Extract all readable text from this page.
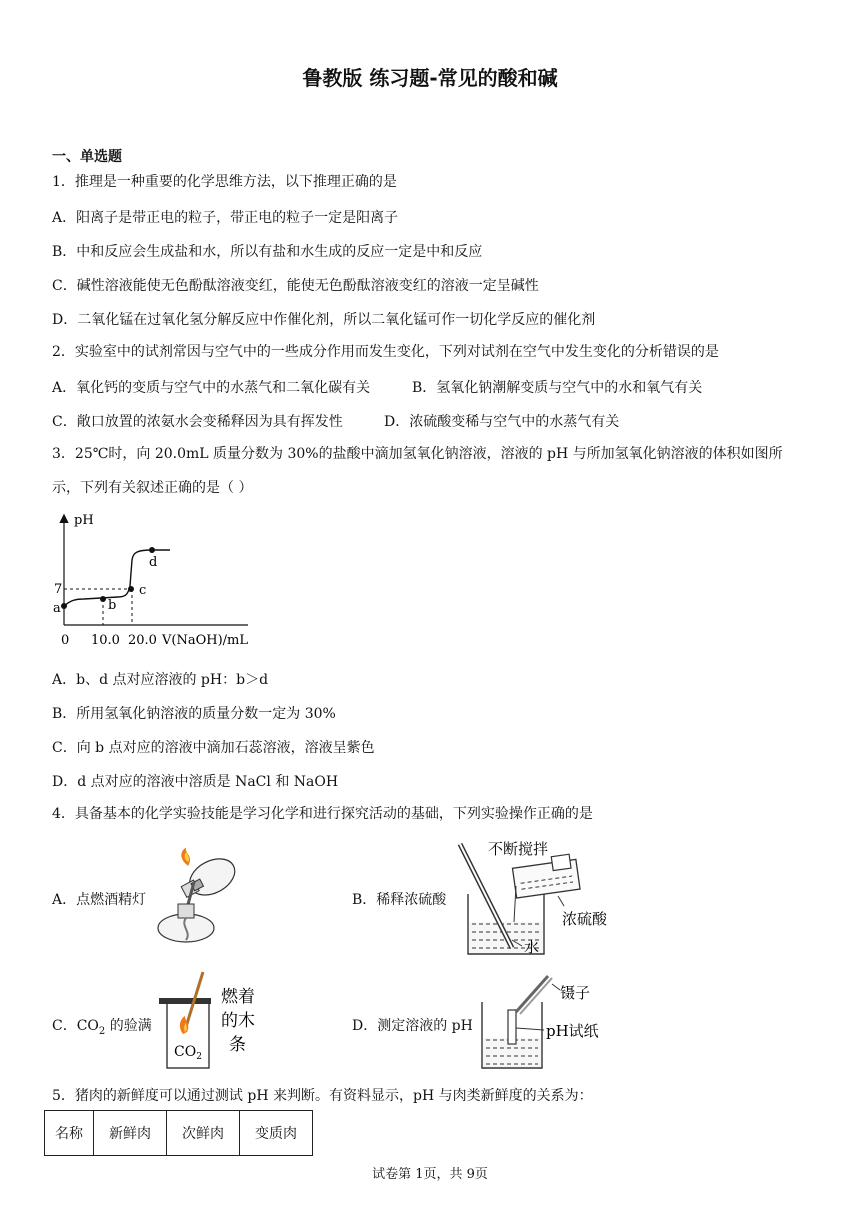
鲁教版 练习题-常见的酸和碱
一、单选题
1．推理是一种重要的化学思维方法，以下推理正确的是
A．阳离子是带正电的粒子，带正电的粒子一定是阳离子
B．中和反应会生成盐和水，所以有盐和水生成的反应一定是中和反应
C．碱性溶液能使无色酚酞溶液变红，能使无色酚酞溶液变红的溶液一定呈碱性
D．二氧化锰在过氧化氢分解反应中作催化剂，所以二氧化锰可作一切化学反应的催化剂
2．实验室中的试剂常因与空气中的一些成分作用而发生变化，下列对试剂在空气中发生变化的分析错误的是
A．氧化钙的变质与空气中的水蒸气和二氧化碳有关	B．氢氧化钠潮解变质与空气中的水和氧气有关
C．敞口放置的浓氨水会变稀释因为具有挥发性	D．浓硫酸变稀与空气中的水蒸气有关
3．25℃时，向 20.0mL 质量分数为 30%的盐酸中滴加氢氧化钠溶液，溶液的 pH 与所加氢氧化钠溶液的体积如图所
示，下列有关叙述正确的是（ ）
pH
7
a	b
c
d
0 10.0 20.0 V(NaOH)/mL
A．b、d 点对应溶液的 pH：b＞d
B．所用氢氧化钠溶液的质量分数一定为 30%
C．向 b 点对应的溶液中滴加石蕊溶液，溶液呈紫色
D．d 点对应的溶液中溶质是 NaCl 和 NaOH
4．具备基本的化学实验技能是学习化学和进行探究活动的基础，下列实验操作正确的是
A．点燃酒精灯	B．稀释浓硫酸
不断搅拌
浓硫酸
水
C．$CO_2$ 的验满
$CO_2$
燃着
的木
条
D．测定溶液的 pH
镊子
pH试纸
5．猪肉的新鲜度可以通过测试 pH 来判断。有资料显示，pH 与肉类新鲜度的关系为：
名称	新鲜肉	次鲜肉	变质肉
试卷第 1页，共 9页
